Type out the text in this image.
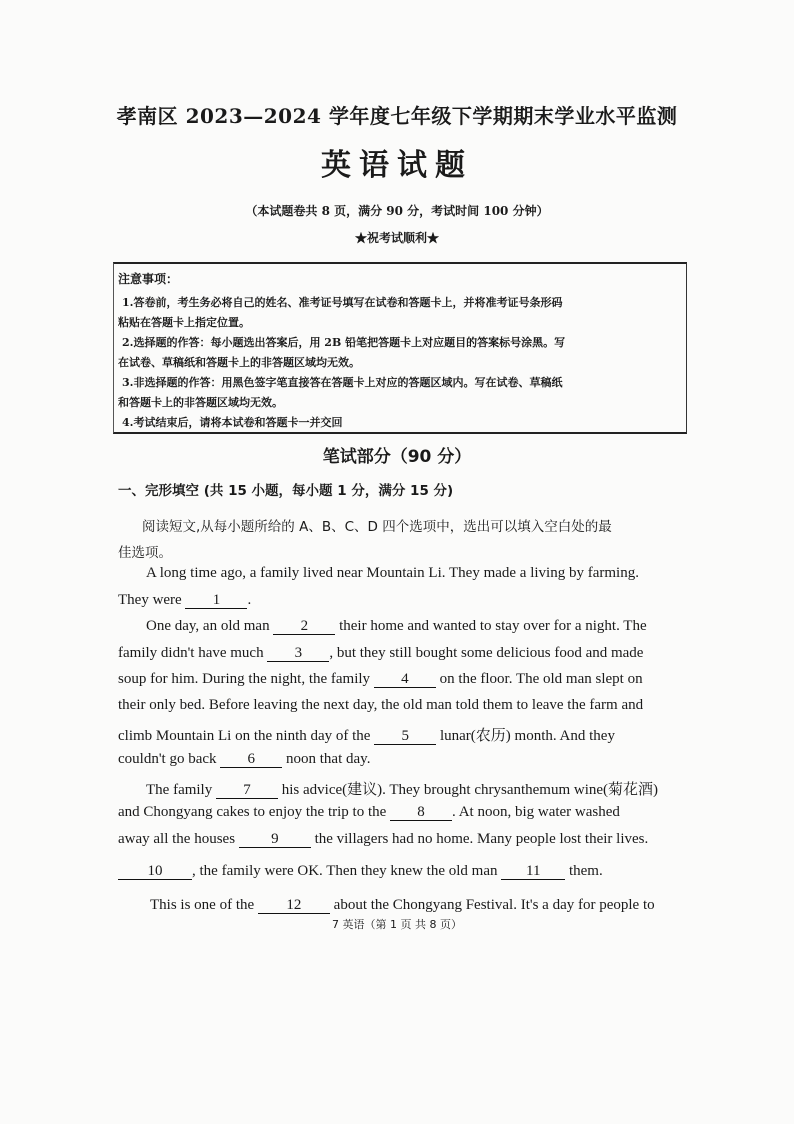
孝南区 2023—2024 学年度七年级下学期期末学业水平监测
英语试题
（本试题卷共 8 页，满分 90 分，考试时间 100 分钟）
★祝考试顺利★
注意事项：
1.答卷前，考生务必将自己的姓名、准考证号填写在试卷和答题卡上，并将准考证号条形码
粘贴在答题卡上指定位置。
2.选择题的作答：每小题选出答案后，用 2B 铅笔把答题卡上对应题目的答案标号涂黑。写
在试卷、草稿纸和答题卡上的非答题区域均无效。
3.非选择题的作答：用黑色签字笔直接答在答题卡上对应的答题区域内。写在试卷、草稿纸
和答题卡上的非答题区域均无效。
4.考试结束后，请将本试卷和答题卡一并交回
笔试部分（90 分）
一、完形填空 (共 15 小题，每小题 1 分，满分 15 分)
阅读短文,从每小题所给的 A、B、C、D 四个选项中，选出可以填入空白处的最
佳选项。
A long time ago, a family lived near Mountain Li. They made a living by farming.
They were 1 .
One day, an old man 2 their home and wanted to stay over for a night. The
family didn't have much 3 , but they still bought some delicious food and made
soup for him. During the night, the family 4 on the floor. The old man slept on
their only bed. Before leaving the next day, the old man told them to leave the farm and
climb Mountain Li on the ninth day of the 5 lunar(农历) month. And they
couldn't go back 6 noon that day.
The family 7 his advice(建议). They brought chrysanthemum wine(菊花酒)
and Chongyang cakes to enjoy the trip to the 8 . At noon, big water washed
away all the houses 9 the villagers had no home. Many people lost their lives.
10 , the family were OK. Then they knew the old man 11 them.
This is one of the 12 about the Chongyang Festival. It's a day for people to
7 英语（第 1 页 共 8 页）
